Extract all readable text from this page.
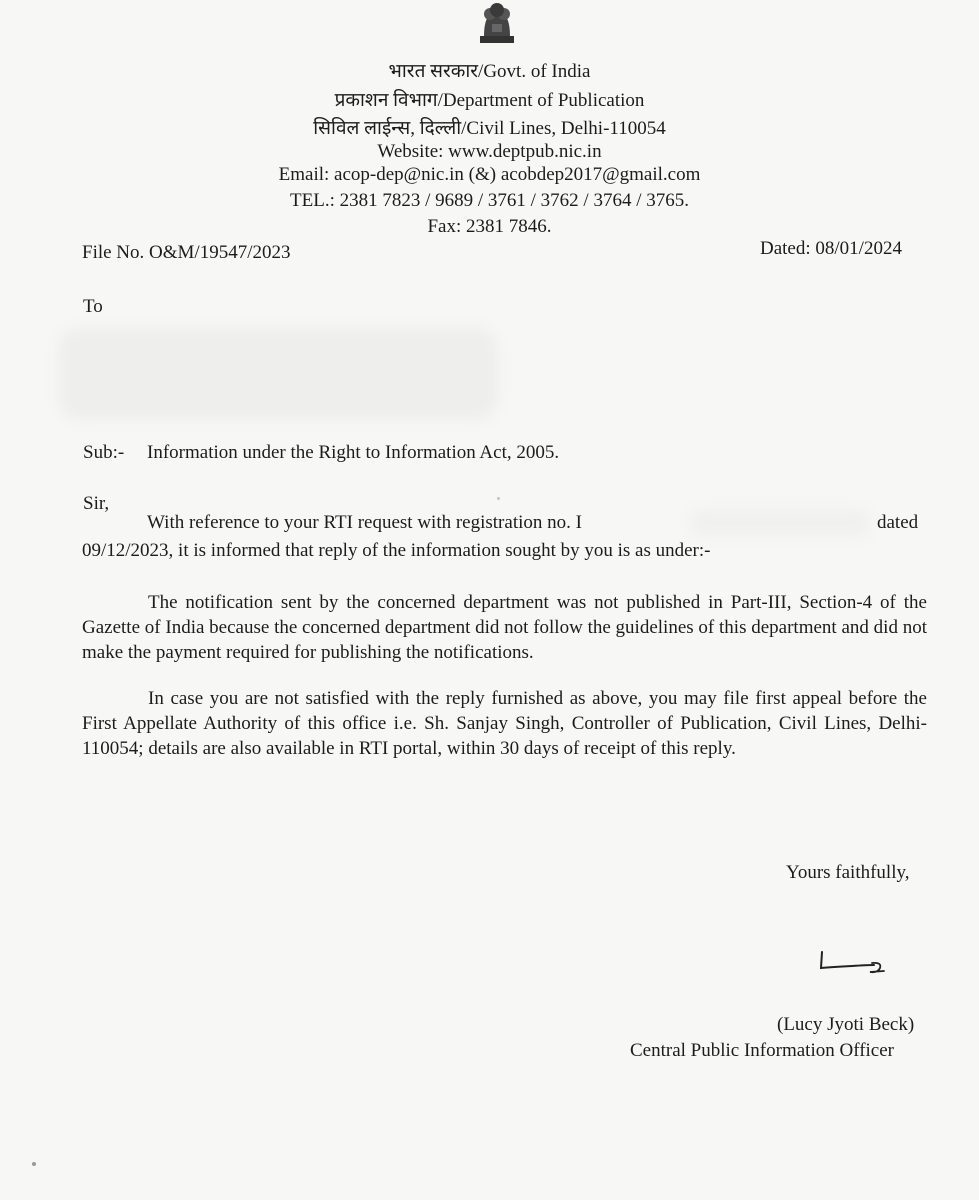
भारत सरकार/Govt. of India
प्रकाशन विभाग/Department of Publication
सिविल लाईन्स, दिल्ली/Civil Lines, Delhi-110054
Website: www.deptpub.nic.in
Email: acop-dep@nic.in (&) acobdep2017@gmail.com
TEL.: 2381 7823 / 9689 / 3761 / 3762 / 3764 / 3765.
Fax: 2381 7846.
File No. O&M/19547/2023	Dated: 08/01/2024
To
Sub:- Information under the Right to Information Act, 2005.
Sir,
With reference to your RTI request with registration no. I	dated
09/12/2023, it is informed that reply of the information sought by you is as under:-
The notification sent by the concerned department was not published in Part-III, Section-4 of the Gazette of India because the concerned department did not follow the guidelines of this department and did not make the payment required for publishing the notifications.
In case you are not satisfied with the reply furnished as above, you may file first appeal before the First Appellate Authority of this office i.e. Sh. Sanjay Singh, Controller of Publication, Civil Lines, Delhi-110054; details are also available in RTI portal, within 30 days of receipt of this reply.
Yours faithfully,
(Lucy Jyoti Beck)
Central Public Information Officer
